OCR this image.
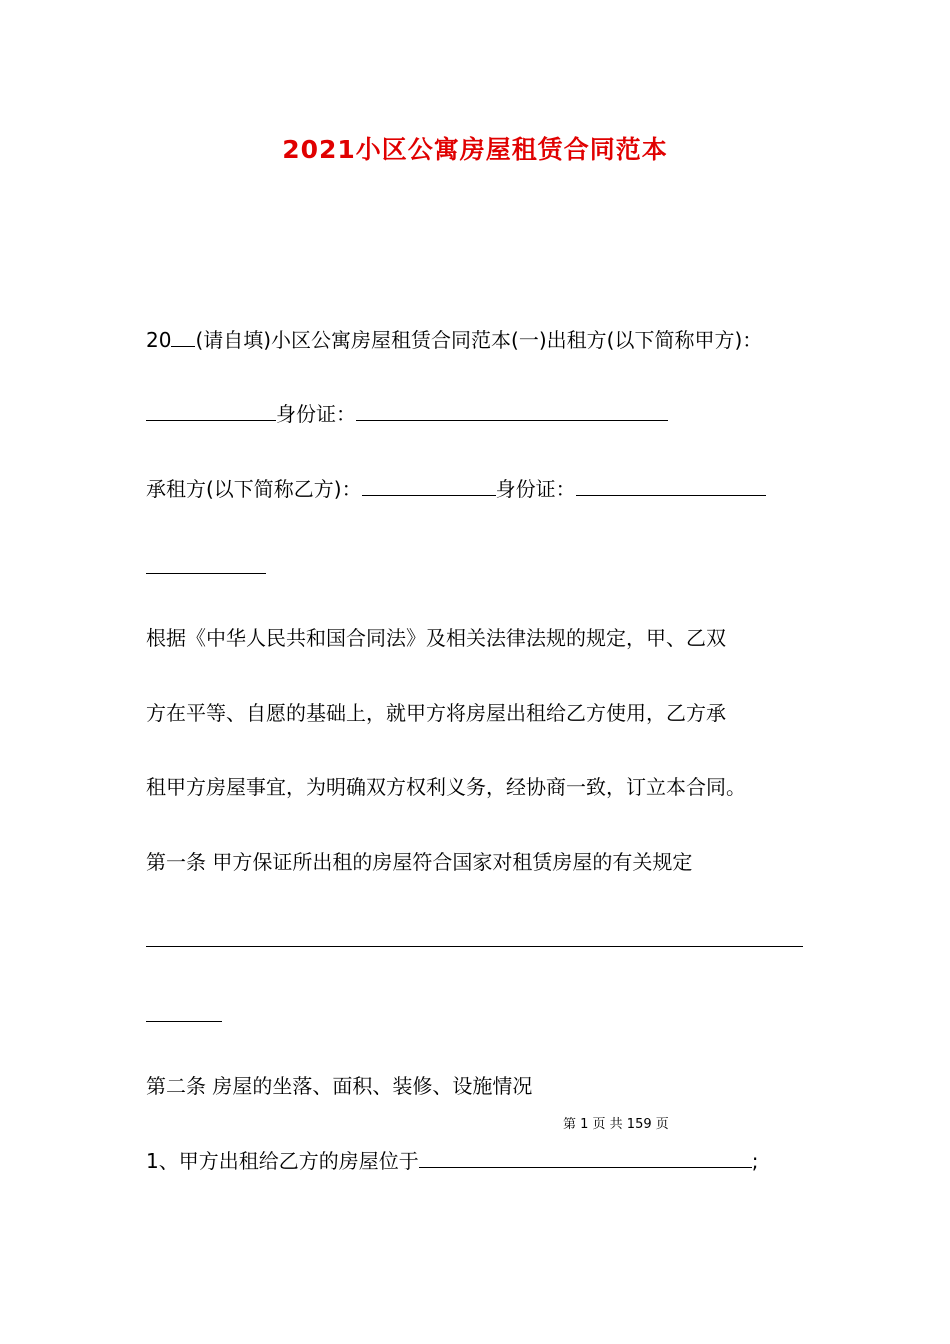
2021小区公寓房屋租赁合同范本
20 (请自填)小区公寓房屋租赁合同范本(一)出租方(以下简称甲方)：
身份证：
承租方(以下简称乙方)：	身份证：
根据《中华人民共和国合同法》及相关法律法规的规定，甲、乙双
方在平等、自愿的基础上，就甲方将房屋出租给乙方使用，乙方承
租甲方房屋事宜，为明确双方权利义务，经协商一致，订立本合同。
第一条 甲方保证所出租的房屋符合国家对租赁房屋的有关规定
第二条 房屋的坐落、面积、装修、设施情况
第 1 页 共 159 页
1、甲方出租给乙方的房屋位于	;
